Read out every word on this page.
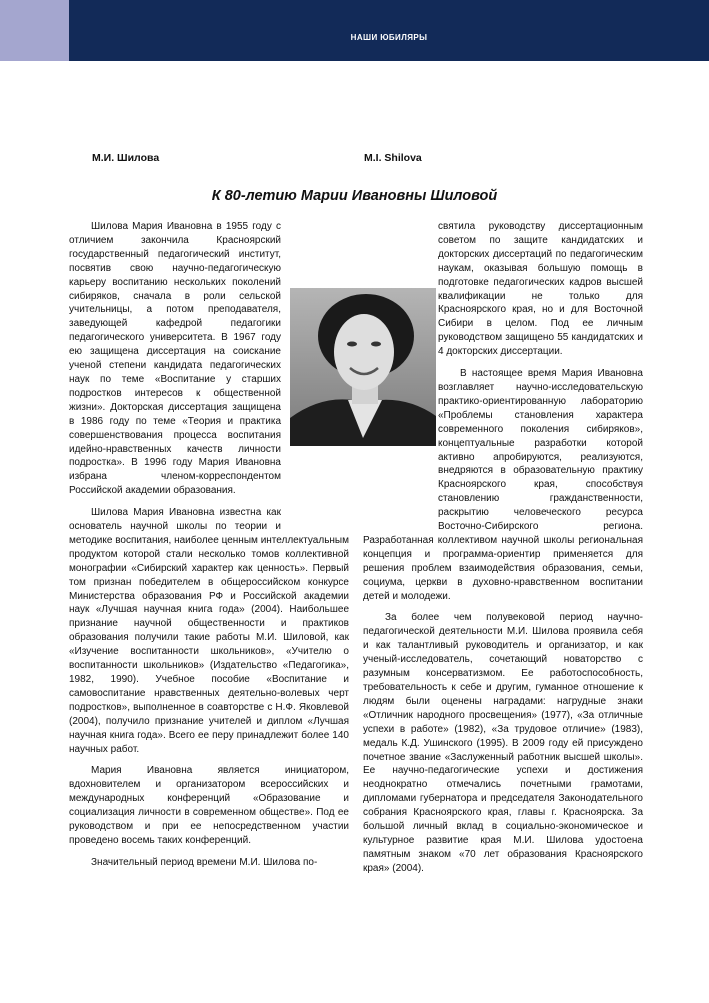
НАШИ ЮБИЛЯРЫ
М.И. Шилова	M.I. Shilova
К 80-летию Марии Ивановны Шиловой

Шилова Мария Ивановна в 1955 году с отличием закончила Красноярский государственный педагогический институт, посвятив свою научно-педагогическую карьеру воспитанию нескольких поколений сибиряков, сначала в роли сельской учительницы, а потом преподавателя, заведующей кафедрой педагогики педагогического университета. В 1967 году ею защищена диссертация на соискание ученой степени кандидата педагогических наук по теме «Воспитание у старших подростков интересов к общественной жизни». Докторская диссертация защищена в 1986 году по теме «Теория и практика совершенствования процесса воспитания идейно-нравственных качеств личности подростка». В 1996 году Мария Ивановна избрана членом-корреспондентом Российской академии образования.

Шилова Мария Ивановна известна как основатель научной школы по теории и методике воспитания, наиболее ценным интеллектуальным продуктом которой стали несколько томов коллективной монографии «Сибирский характер как ценность». Первый том признан победителем в общероссийском конкурсе Министерства образования РФ и Российской академии наук «Лучшая научная книга года» (2004). Наибольшее признание научной общественности и практиков образования получили такие работы М.И. Шиловой, как «Изучение воспитанности школьников», «Учителю о воспитанности школьников» (Издательство «Педагогика», 1982, 1990). Учебное пособие «Воспитание и самовоспитание нравственных деятельно-волевых черт подростков», выполненное в соавторстве с Н.Ф. Яковлевой (2004), получило признание учителей и диплом «Лучшая научная книга года». Всего ее перу принадлежит более 140 научных работ.

Мария Ивановна является инициатором, вдохновителем и организатором всероссийских и международных конференций «Образование и социализация личности в современном обществе». Под ее руководством и при ее непосредственном участии проведено восемь таких конференций.

Значительный период времени М.И. Шилова по-

святила руководству диссертационным советом по защите кандидатских и докторских диссертаций по педагогическим наукам, оказывая большую помощь в подготовке педагогических кадров высшей квалификации не только для Красноярского края, но и для Восточной Сибири в целом. Под ее личным руководством защищено 55 кандидатских и 4 докторских диссертации.

В настоящее время Мария Ивановна возглавляет научно-исследовательскую практико-ориентированную лабораторию «Проблемы становления характера современного поколения сибиряков», концептуальные разработки которой активно апробируются, реализуются, внедряются в образовательную практику Красноярского края, способствуя становлению гражданственности, раскрытию человеческого ресурса Восточно-Сибирского региона. Разработанная коллективом научной школы региональная концепция и программа-ориентир применяется для решения проблем взаимодействия образования, семьи, социума, церкви в духовно-нравственном воспитании детей и молодежи.

За более чем полувековой период научно-педагогической деятельности М.И. Шилова проявила себя и как талантливый руководитель и организатор, и как ученый-исследователь, сочетающий новаторство с разумным консерватизмом. Ее работоспособность, требовательность к себе и другим, гуманное отношение к людям были оценены наградами: нагрудные знаки «Отличник народного просвещения» (1977), «За отличные успехи в работе» (1982), «За трудовое отличие» (1983), медаль К.Д. Ушинского (1995). В 2009 году ей присуждено почетное звание «Заслуженный работник высшей школы». Ее научно-педагогические успехи и достижения неоднократно отмечались почетными грамотами, дипломами губернатора и председателя Законодательного собрания Красноярского края, главы г. Красноярска. За большой личный вклад в социально-экономическое и культурное развитие края М.И. Шилова удостоена памятным знаком «70 лет образования Красноярского края» (2004).
